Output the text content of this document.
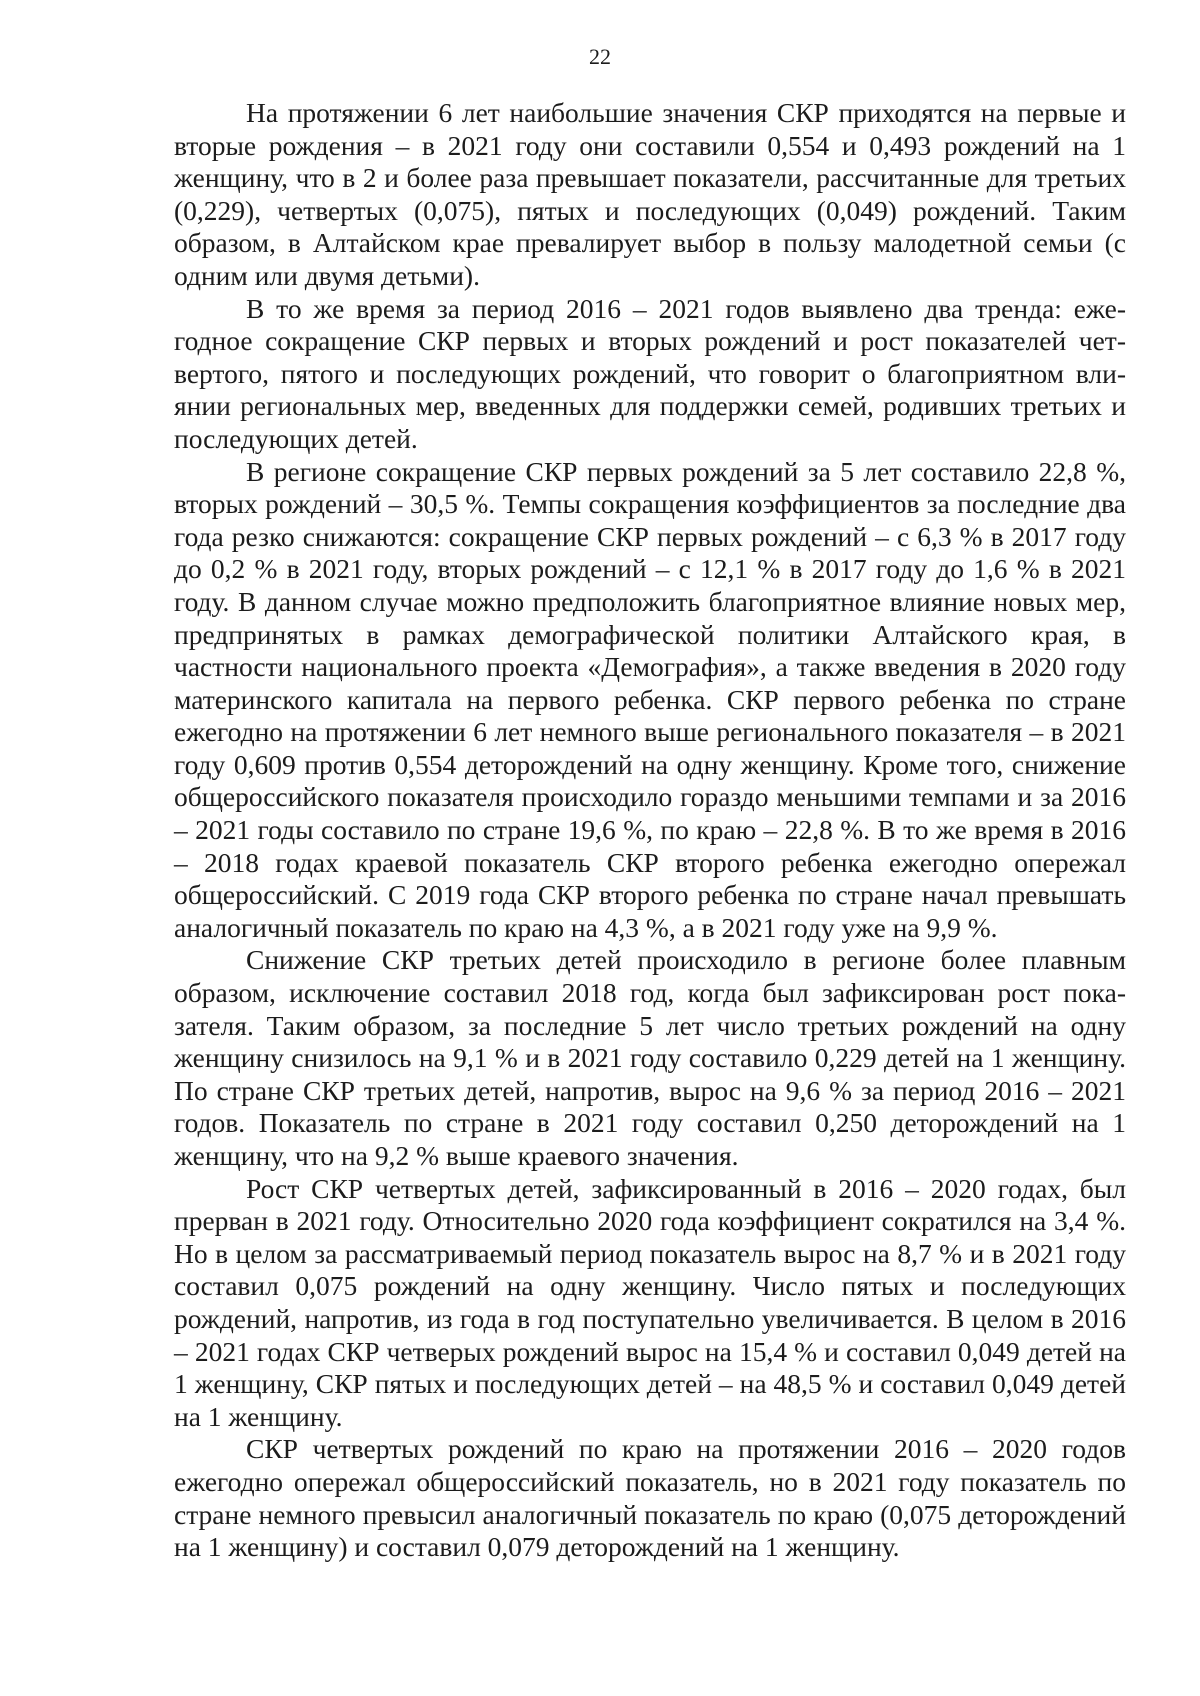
22

На протяжении 6 лет наибольшие значения СКР приходятся на первые и вторые рождения – в 2021 году они составили 0,554 и 0,493 рождений на 1 женщину, что в 2 и более раза превышает показатели, рассчитанные для третьих (0,229), четвертых (0,075), пятых и последующих (0,049) рождений. Таким образом, в Алтайском крае превалирует выбор в пользу малодетной семьи (с одним или двумя детьми).

В то же время за период 2016 – 2021 годов выявлено два тренда: ежегодное сокращение СКР первых и вторых рождений и рост показателей четвертого, пятого и последующих рождений, что говорит о благоприятном влиянии региональных мер, введенных для поддержки семей, родивших третьих и последующих детей.

В регионе сокращение СКР первых рождений за 5 лет составило 22,8 %, вторых рождений – 30,5 %. Темпы сокращения коэффициентов за последние два года резко снижаются: сокращение СКР первых рождений – с 6,3 % в 2017 году до 0,2 % в 2021 году, вторых рождений – с 12,1 % в 2017 году до 1,6 % в 2021 году. В данном случае можно предположить благоприятное влияние новых мер, предпринятых в рамках демографической политики Алтайского края, в частности национального проекта «Демография», а также введения в 2020 году материнского капитала на первого ребенка. СКР первого ребенка по стране ежегодно на протяжении 6 лет немного выше регионального показателя – в 2021 году 0,609 против 0,554 деторождений на одну женщину. Кроме того, снижение общероссийского показателя происходило гораздо меньшими темпами и за 2016 – 2021 годы составило по стране 19,6 %, по краю – 22,8 %. В то же время в 2016 – 2018 годах краевой показатель СКР второго ребенка ежегодно опережал общероссийский. С 2019 года СКР второго ребенка по стране начал превышать аналогичный показатель по краю на 4,3 %, а в 2021 году уже на 9,9 %.

Снижение СКР третьих детей происходило в регионе более плавным образом, исключение составил 2018 год, когда был зафиксирован рост показателя. Таким образом, за последние 5 лет число третьих рождений на одну женщину снизилось на 9,1 % и в 2021 году составило 0,229 детей на 1 женщину. По стране СКР третьих детей, напротив, вырос на 9,6 % за период 2016 – 2021 годов. Показатель по стране в 2021 году составил 0,250 деторождений на 1 женщину, что на 9,2 % выше краевого значения.

Рост СКР четвертых детей, зафиксированный в 2016 – 2020 годах, был прерван в 2021 году. Относительно 2020 года коэффициент сократился на 3,4 %. Но в целом за рассматриваемый период показатель вырос на 8,7 % и в 2021 году составил 0,075 рождений на одну женщину. Число пятых и последующих рождений, напротив, из года в год поступательно увеличивается. В целом в 2016 – 2021 годах СКР четверых рождений вырос на 15,4 % и составил 0,049 детей на 1 женщину, СКР пятых и последующих детей – на 48,5 % и составил 0,049 детей на 1 женщину.

СКР четвертых рождений по краю на протяжении 2016 – 2020 годов ежегодно опережал общероссийский показатель, но в 2021 году показатель по стране немного превысил аналогичный показатель по краю (0,075 деторождений на 1 женщину) и составил 0,079 деторождений на 1 женщину.
